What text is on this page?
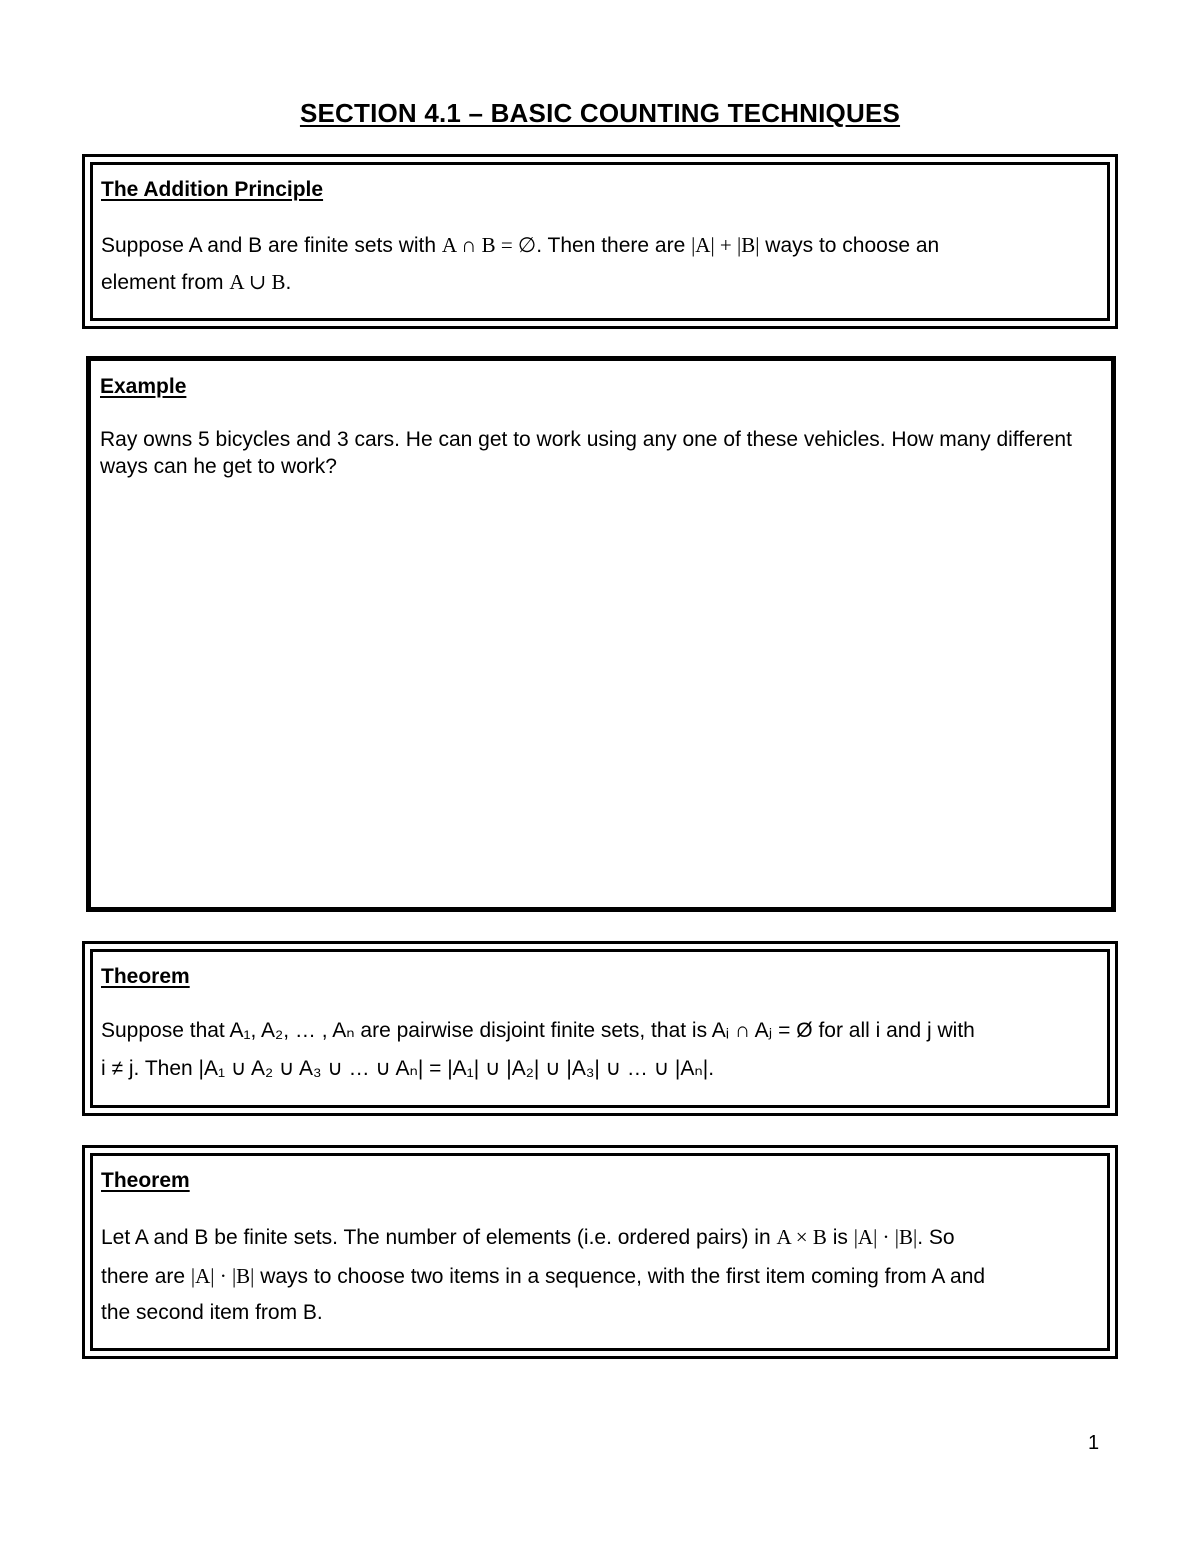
SECTION 4.1 – BASIC COUNTING TECHNIQUES

The Addition Principle

Suppose A and B are finite sets with A ∩ B = ∅. Then there are |A| + |B| ways to choose an
element from A ∪ B.

Example

Ray owns 5 bicycles and 3 cars. He can get to work using any one of these vehicles. How many different ways can he get to work?

Theorem

Suppose that A₁, A₂, … , Aₙ are pairwise disjoint finite sets, that is Aᵢ ∩ Aⱼ = Ø for all i and j with
i ≠ j. Then |A₁ ∪ A₂ ∪ A₃ ∪ … ∪ Aₙ| = |A₁| ∪ |A₂| ∪ |A₃| ∪ … ∪ |Aₙ|.

Theorem

Let A and B be finite sets. The number of elements (i.e. ordered pairs) in A × B is |A| · |B|. So
there are |A| · |B| ways to choose two items in a sequence, with the first item coming from A and

the second item from B.

1
